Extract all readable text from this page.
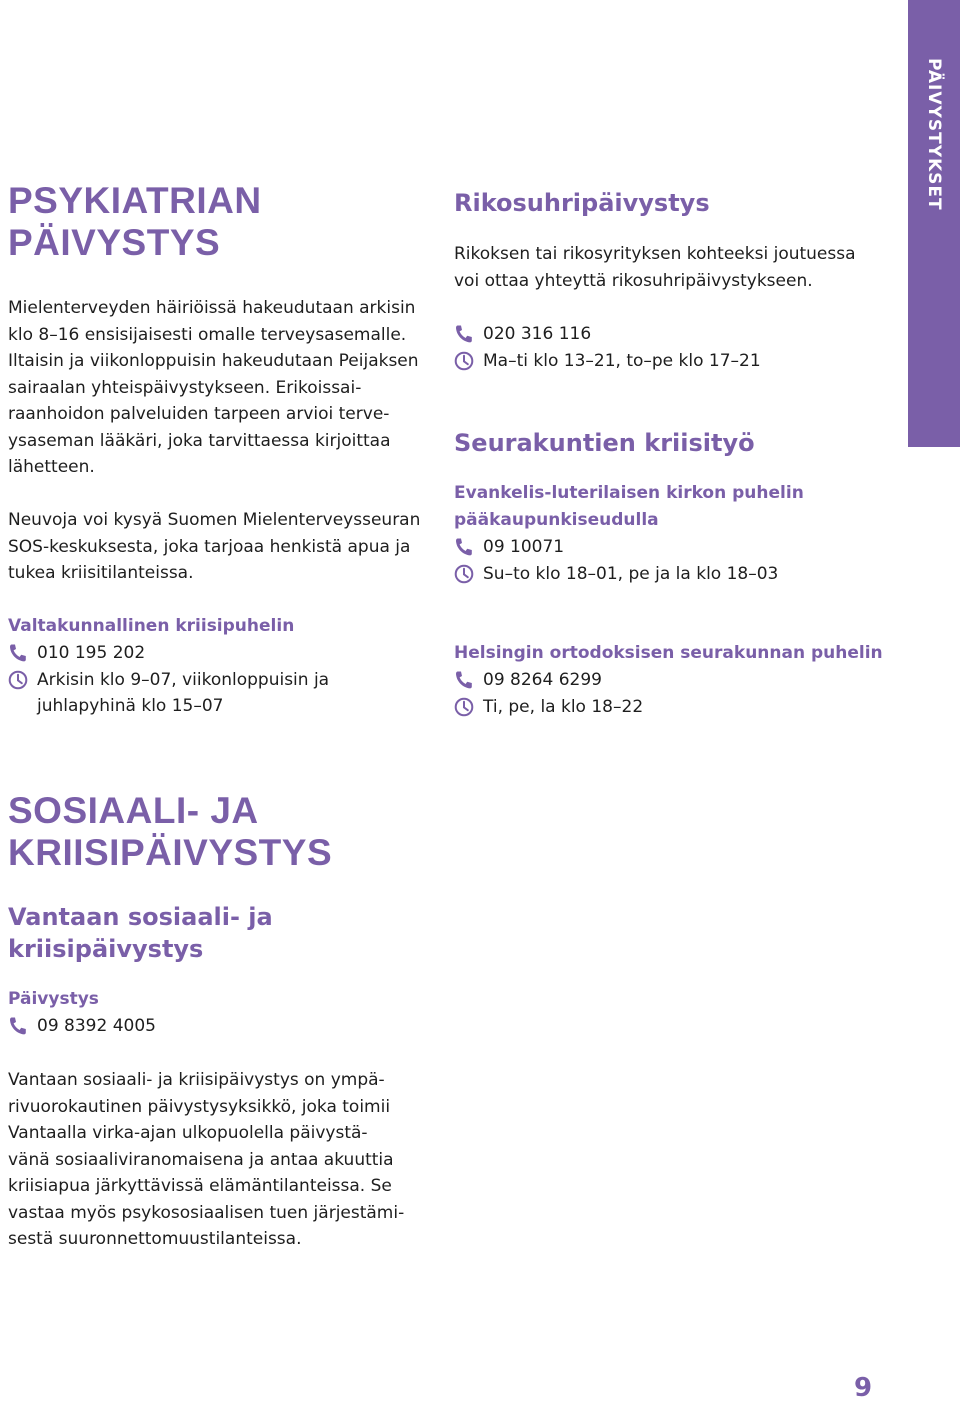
PÄIVYSTYKSET
PSYKIATRIAN
PÄIVYSTYS
Mielenterveyden häiriöissä hakeudutaan arkisin
klo 8–16 ensisijaisesti omalle terveysasemalle.
Iltaisin ja viikonloppuisin hakeudutaan Peijaksen
sairaalan yhteispäivystykseen. Erikoissai-
raanhoidon palveluiden tarpeen arvioi terve-
ysaseman lääkäri, joka tarvittaessa kirjoittaa
lähetteen.
Neuvoja voi kysyä Suomen Mielenterveysseuran
SOS-keskuksesta, joka tarjoaa henkistä apua ja
tukea kriisitilanteissa.
Valtakunnallinen kriisipuhelin
010 195 202
Arkisin klo 9–07, viikonloppuisin ja
juhlapyhinä klo 15–07
Rikosuhripäivystys
Rikoksen tai rikosyrityksen kohteeksi joutuessa
voi ottaa yhteyttä rikosuhripäivystykseen.
020 316 116
Ma–ti klo 13–21, to–pe klo 17–21
Seurakuntien kriisityö
Evankelis-luterilaisen kirkon puhelin
pääkaupunkiseudulla
09 10071
Su–to klo 18–01, pe ja la klo 18–03
Helsingin ortodoksisen seurakunnan puhelin
09 8264 6299
Ti, pe, la klo 18–22
SOSIAALI- JA
KRIISIPÄIVYSTYS
Vantaan sosiaali- ja
kriisipäivystys
Päivystys
09 8392 4005
Vantaan sosiaali- ja kriisipäivystys on ympä-
rivuorokautinen päivystysyksikkö, joka toimii
Vantaalla virka-ajan ulkopuolella päivystä-
vänä sosiaaliviranomaisena ja antaa akuuttia
kriisiapua järkyttävissä elämäntilanteissa. Se
vastaa myös psykososiaalisen tuen järjestämi-
sestä suuronnettomuustilanteissa.
9
